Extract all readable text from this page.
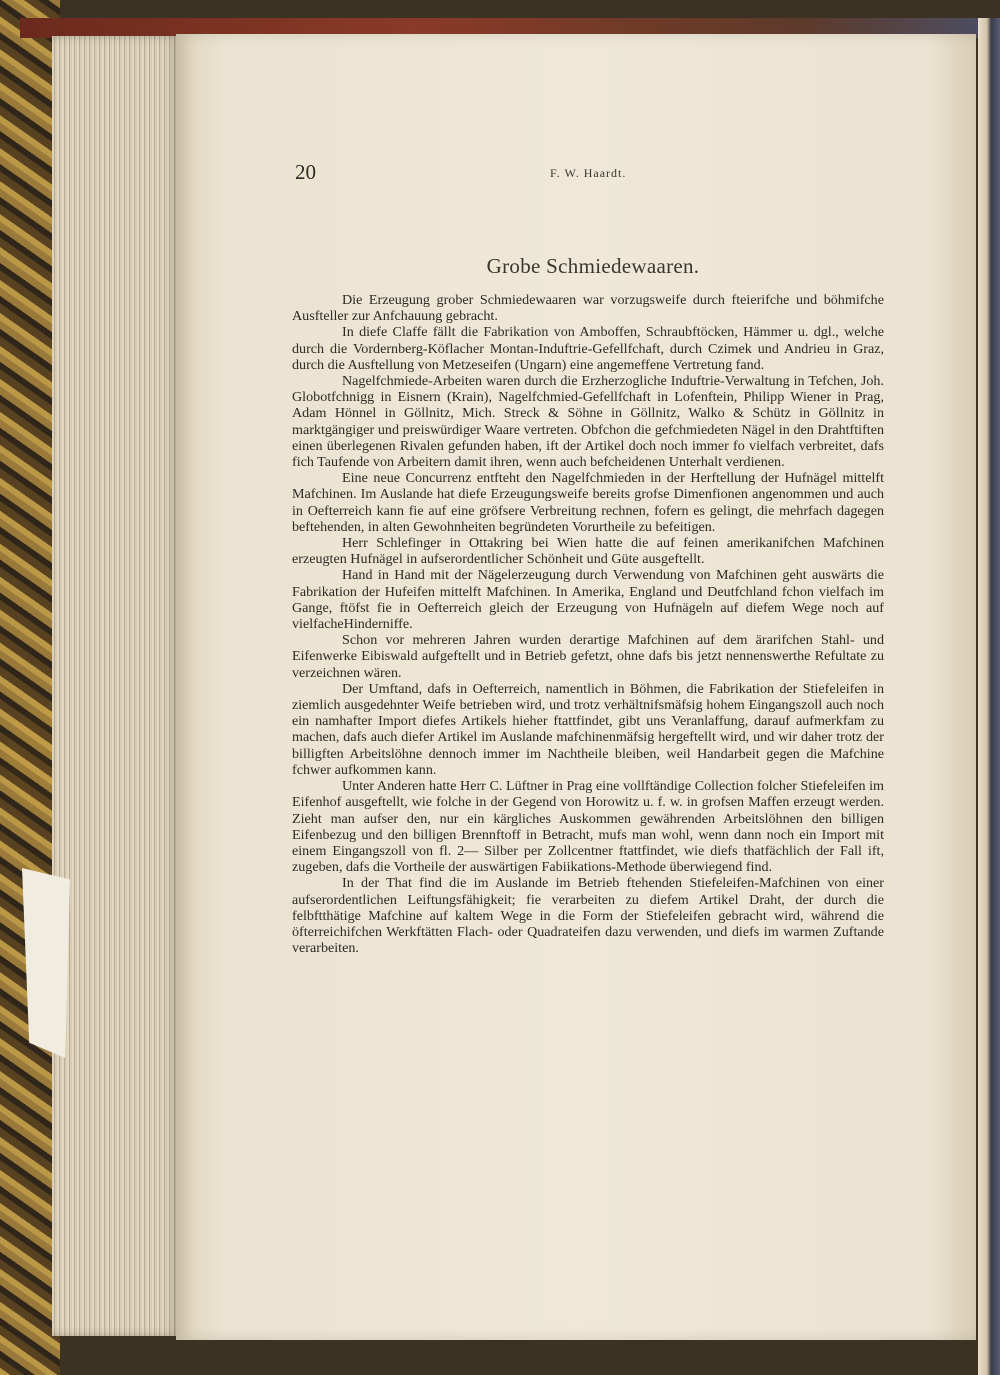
20	F. W. Haardt.

Grobe Schmiedewaaren.

Die Erzeugung grober Schmiedewaaren war vorzugsweife durch fteierifche und böhmifche Ausfteller zur Anfchauung gebracht.

In diefe Claffe fällt die Fabrikation von Amboffen, Schraubftöcken, Hämmer u. dgl., welche durch die Vordernberg-Köflacher Montan-Induftrie-Gefellfchaft, durch Czimek und Andrieu in Graz, durch die Ausftellung von Metzeseifen (Ungarn) eine angemeffene Vertretung fand.

Nagelfchmiede-Arbeiten waren durch die Erzherzogliche Induftrie-Verwaltung in Tefchen, Joh. Globotfchnigg in Eisnern (Krain), Nagelfchmied-Gefellfchaft in Lofenftein, Philipp Wiener in Prag, Adam Hönnel in Göllnitz, Mich. Streck & Söhne in Göllnitz, Walko & Schütz in Göllnitz in marktgängiger und preiswürdiger Waare vertreten. Obfchon die gefchmiedeten Nägel in den Drahtftiften einen überlegenen Rivalen gefunden haben, ift der Artikel doch noch immer fo vielfach verbreitet, dafs fich Taufende von Arbeitern damit ihren, wenn auch befcheidenen Unterhalt verdienen.

Eine neue Concurrenz entfteht den Nagelfchmieden in der Herftellung der Hufnägel mittelft Mafchinen. Im Auslande hat diefe Erzeugungsweife bereits grofse Dimenfionen angenommen und auch in Oefterreich kann fie auf eine gröfsere Verbreitung rechnen, fofern es gelingt, die mehrfach dagegen beftehenden, in alten Gewohnheiten begründeten Vorurtheile zu befeitigen.

Herr Schlefinger in Ottakring bei Wien hatte die auf feinen amerikanifchen Mafchinen erzeugten Hufnägel in aufserordentlicher Schönheit und Güte ausgeftellt.

Hand in Hand mit der Nägelerzeugung durch Verwendung von Mafchinen geht auswärts die Fabrikation der Hufeifen mittelft Mafchinen. In Amerika, England und Deutfchland fchon vielfach im Gange, ftöfst fie in Oefterreich gleich der Erzeugung von Hufnägeln auf diefem Wege noch auf vielfacheHinderniffe.

Schon vor mehreren Jahren wurden derartige Mafchinen auf dem ärarifchen Stahl- und Eifenwerke Eibiswald aufgeftellt und in Betrieb gefetzt, ohne dafs bis jetzt nennenswerthe Refultate zu verzeichnen wären.

Der Umftand, dafs in Oefterreich, namentlich in Böhmen, die Fabrikation der Stiefeleifen in ziemlich ausgedehnter Weife betrieben wird, und trotz verhältnifsmäfsig hohem Eingangszoll auch noch ein namhafter Import diefes Artikels hieher ftattfindet, gibt uns Veranlaffung, darauf aufmerkfam zu machen, dafs auch diefer Artikel im Auslande mafchinenmäfsig hergeftellt wird, und wir daher trotz der billigften Arbeitslöhne dennoch immer im Nachtheile bleiben, weil Handarbeit gegen die Mafchine fchwer aufkommen kann.

Unter Anderen hatte Herr C. Lüftner in Prag eine vollftändige Collection folcher Stiefeleifen im Eifenhof ausgeftellt, wie folche in der Gegend von Horowitz u. f. w. in grofsen Maffen erzeugt werden. Zieht man aufser den, nur ein kärgliches Auskommen gewährenden Arbeitslöhnen den billigen Eifenbezug und den billigen Brennftoff in Betracht, mufs man wohl, wenn dann noch ein Import mit einem Eingangszoll von fl. 2— Silber per Zollcentner ftattfindet, wie diefs thatfächlich der Fall ift, zugeben, dafs die Vortheile der auswärtigen Fabiikations-Methode überwiegend find.

In der That find die im Auslande im Betrieb ftehenden Stiefeleifen-Mafchinen von einer aufserordentlichen Leiftungsfähigkeit; fie verarbeiten zu diefem Artikel Draht, der durch die felbftthätige Mafchine auf kaltem Wege in die Form der Stiefeleifen gebracht wird, während die öfterreichifchen Werkftätten Flach- oder Quadrateifen dazu verwenden, und diefs im warmen Zuftande verarbeiten.
